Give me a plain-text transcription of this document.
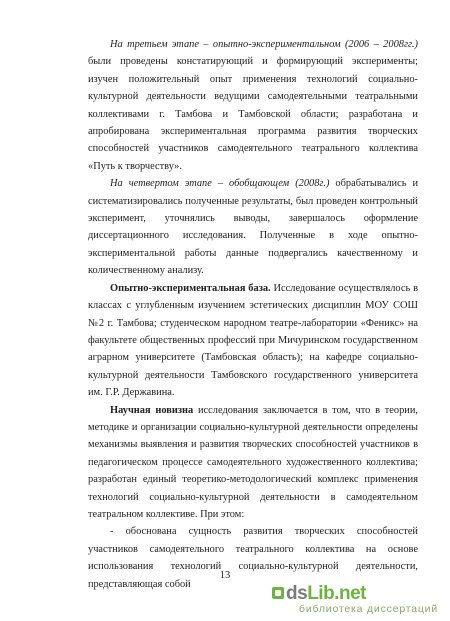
На третьем этапе – опытно-экспериментальном (2006 – 2008гг.) были проведены констатирующий и формирующий эксперименты; изучен положительный опыт применения технологий социально-культурной деятельности ведущими самодеятельными театральными коллективами г. Тамбова и Тамбовской области; разработана и апробирована экспериментальная программа развития творческих способностей участников самодеятельного театрального коллектива «Путь к творчеству».

На четвертом этапе – обобщающем (2008г.) обрабатывались и систематизировались полученные результаты, был проведен контрольный эксперимент, уточнялись выводы, завершалось оформление диссертационного исследования. Полученные в ходе опытно-экспериментальной работы данные подвергались качественному и количественному анализу.

Опытно-экспериментальная база. Исследование осуществлялось в классах с углубленным изучением эстетических дисциплин МОУ СОШ №2 г. Тамбова; студенческом народном театре-лаборатории «Феникс» на факультете общественных профессий при Мичуринском государственном аграрном университете (Тамбовская область); на кафедре социально-культурной деятельности Тамбовского государственного университета им. Г.Р. Державина.

Научная новизна исследования заключается в том, что в теории, методике и организации социально-культурной деятельности определены механизмы выявления и развития творческих способностей участников в педагогическом процессе самодеятельного художественного коллектива; разработан единый теоретико-методологический комплекс применения технологий социально-культурной деятельности в самодеятельном театральном коллективе. При этом:

- обоснована сущность развития творческих способностей участников самодеятельного театрального коллектива на основе использования технологий социально-культурной деятельности, представляющая собой

13
dsLib.net
библиотека диссертаций
